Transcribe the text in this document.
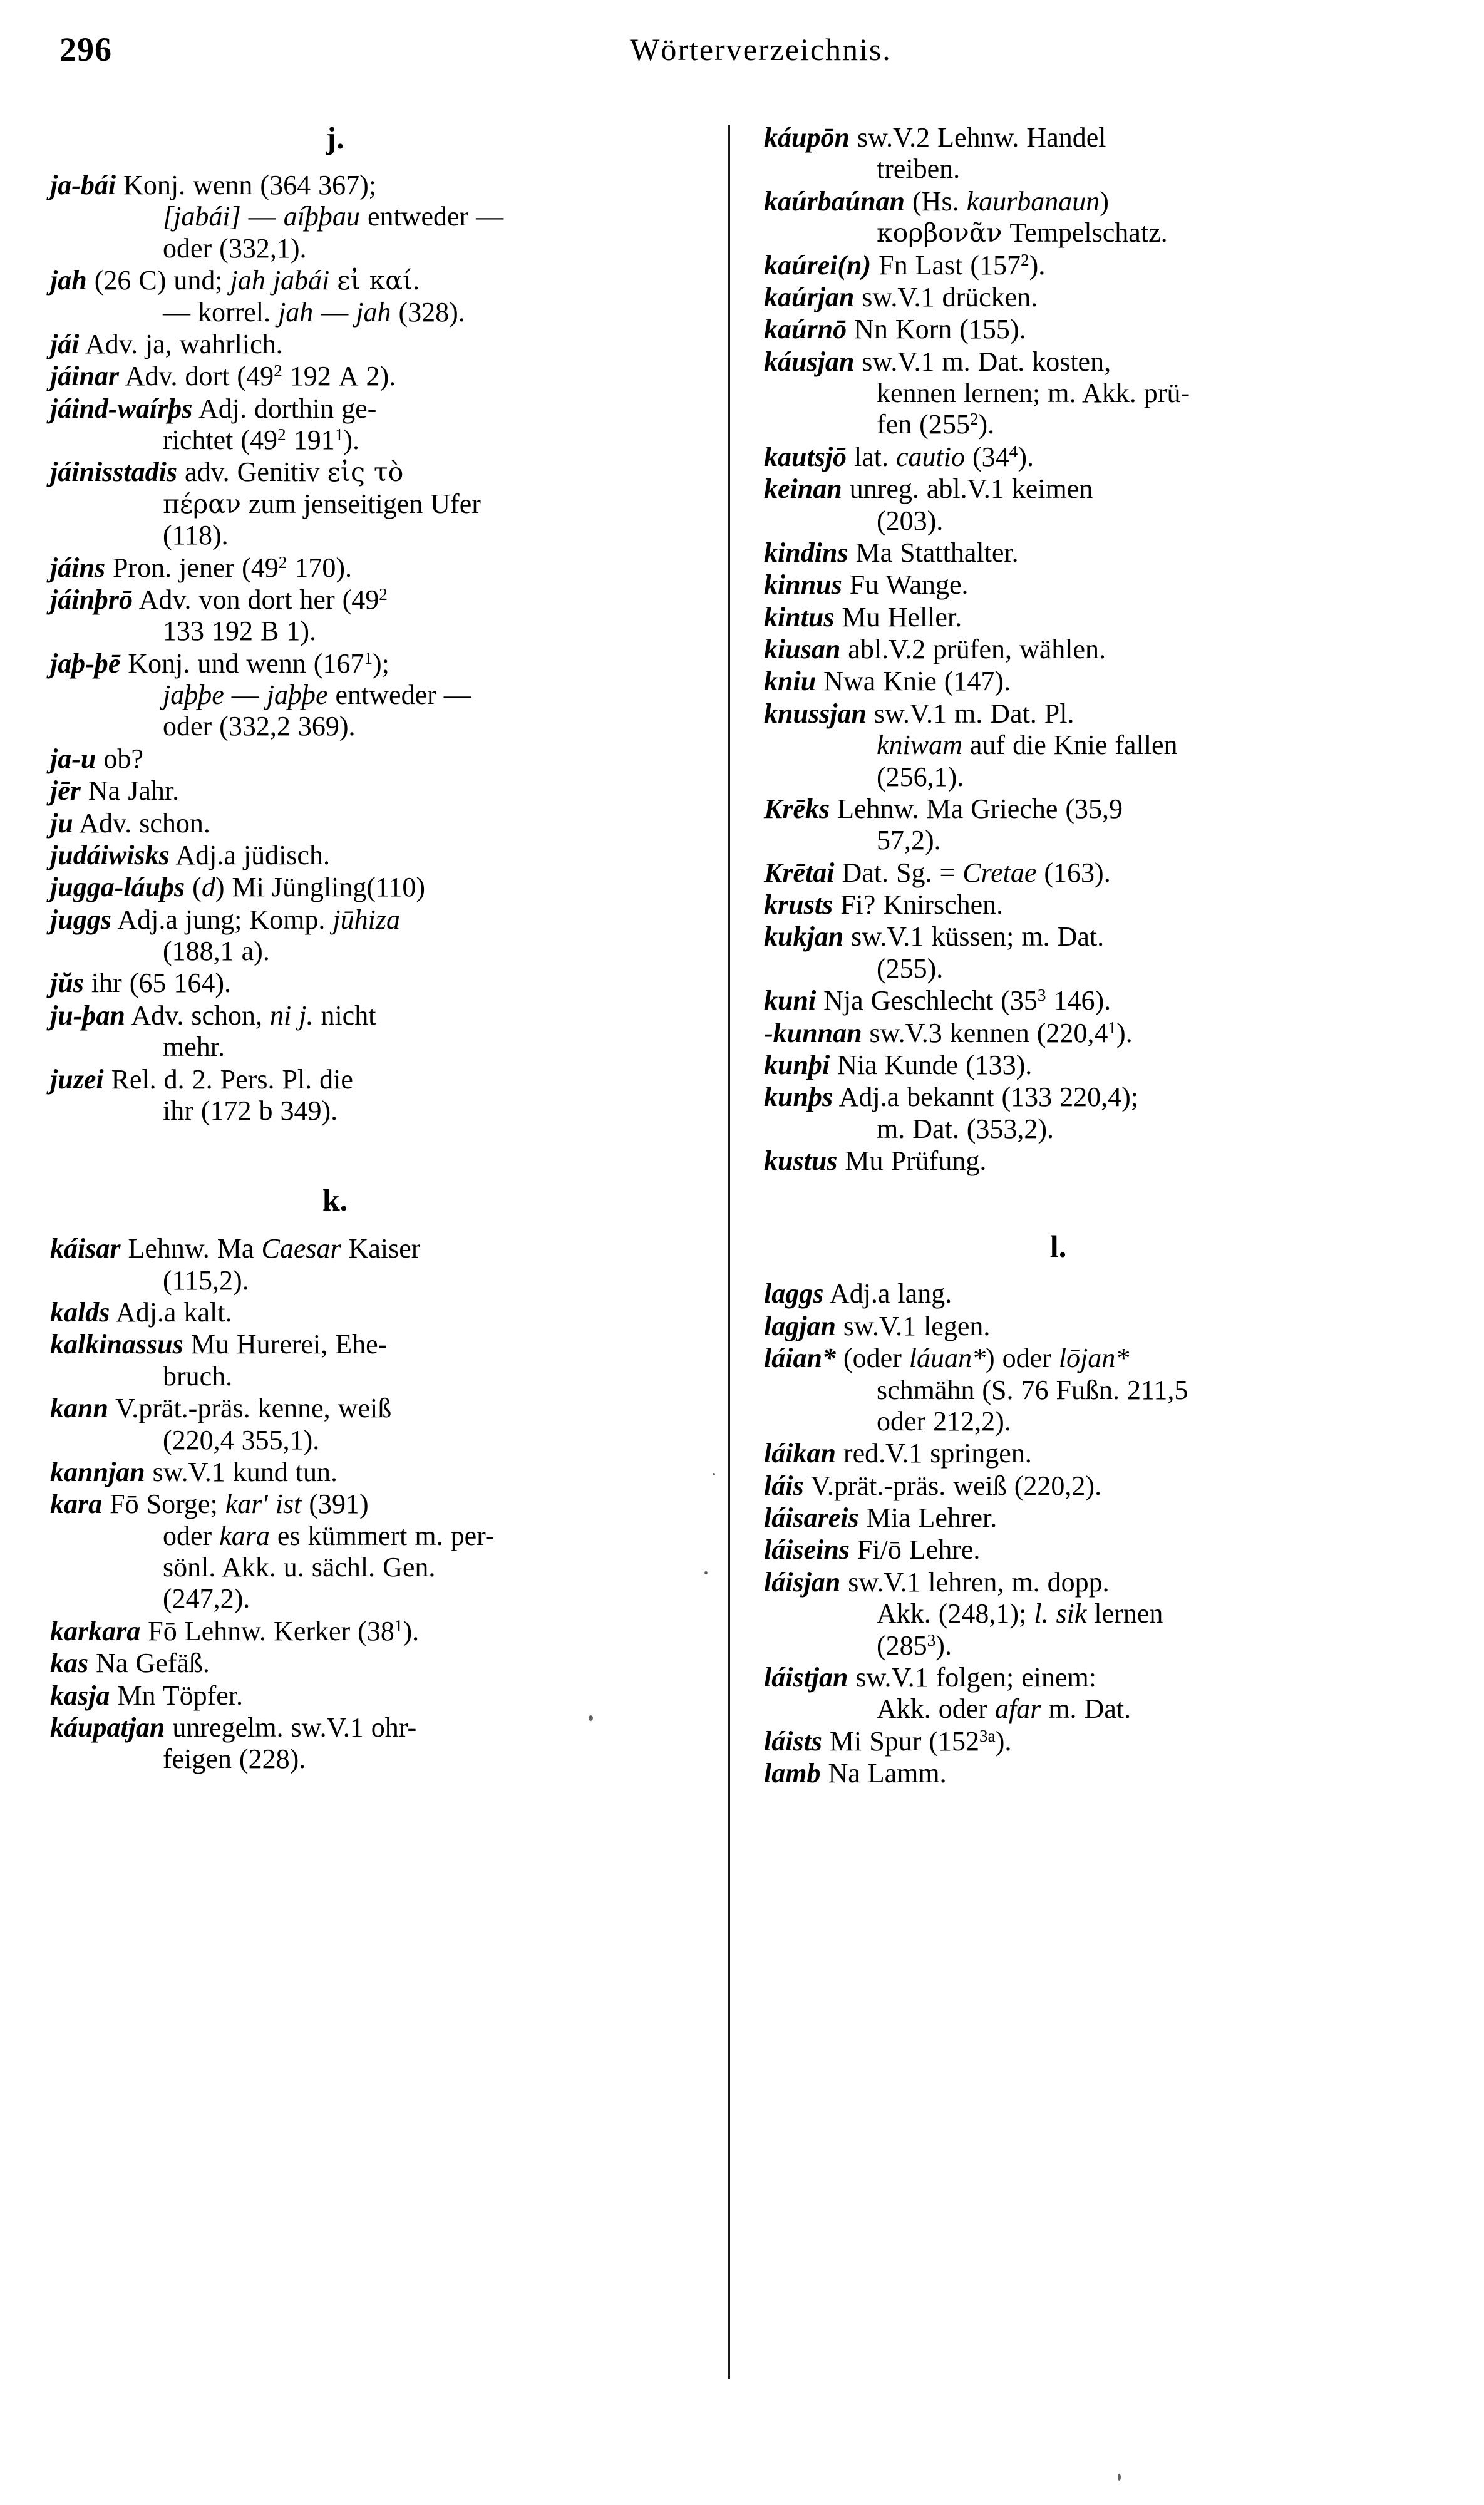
296	Wörterverzeichnis.
j.
ja-bái Konj. wenn (364 367);
[jabái] — aíþþau entweder —
oder (332,1).
jah (26 C) und; jah jabái εἰ καί.
— korrel. jah — jah (328).
jái Adv. ja, wahrlich.
jáinar Adv. dort ($49^2$ 192 A 2).
jáind-waírþs Adj. dorthin ge-
richtet ($49^2$ $191^1$).
jáinisstadis adv. Genitiv εἰς τὸ
πέραν zum jenseitigen Ufer
(118).
jáins Pron. jener ($49^2$ 170).
jáinþrō Adv. von dort her ($49^2$
133 192 B 1).
jaþ-þē Konj. und wenn $(167^1)$;
jaþþe — jaþþe entweder —
oder (332,2 369).
ja-u ob?
jēr Na Jahr.
ju Adv. schon.
judáiwisks Adj.a jüdisch.
jugga-láuþs (d) Mi Jüngling(110)
juggs Adj.a jung; Komp. jūhiza
(188,1 a).
jŭs ihr (65 164).
ju-þan Adv. schon, ni j. nicht
mehr.
juzei Rel. d. 2. Pers. Pl. die
ihr (172 b 349).
k.
káisar Lehnw. Ma Caesar Kaiser
(115,2).
kalds Adj.a kalt.
kalkinassus Mu Hurerei, Ehe-
bruch.
kann V.prät.-präs. kenne, weiß
(220,4 355,1).
kannjan sw.V.1 kund tun.
kara Fō Sorge; kar' ist (391)
oder kara es kümmert m. per-
sönl. Akk. u. sächl. Gen.
(247,2).
karkara Fō Lehnw. Kerker $(38^1)$.
kas Na Gefäß.
kasja Mn Töpfer.
káupatjan unregelm. sw.V.1 ohr-
feigen (228).
káupōn sw.V.2 Lehnw. Handel
treiben.
kaúrbaúnan (Hs. kaurbanaun)
κορβονᾶν Tempelschatz.
kaúrei(n) Fn Last $(157^2)$.
kaúrjan sw.V.1 drücken.
kaúrnō Nn Korn (155).
káusjan sw.V.1 m. Dat. kosten,
kennen lernen; m. Akk. prü-
fen $(255^2)$.
kautsjō lat. cautio $(34^4)$.
keinan unreg. abl.V.1 keimen
(203).
kindins Ma Statthalter.
kinnus Fu Wange.
kintus Mu Heller.
kiusan abl.V.2 prüfen, wählen.
kniu Nwa Knie (147).
knussjan sw.V.1 m. Dat. Pl.
kniwam auf die Knie fallen
(256,1).
Krēks Lehnw. Ma Grieche (35,9
57,2).
Krētai Dat. Sg. = Cretae (163).
krusts Fi? Knirschen.
kukjan sw.V.1 küssen; m. Dat.
(255).
kuni Nja Geschlecht ($35^3$ 146).
-kunnan sw.V.3 kennen (220,4$^1$).
kunþi Nia Kunde (133).
kunþs Adj.a bekannt (133 220,4);
m. Dat. (353,2).
kustus Mu Prüfung.
l.
laggs Adj.a lang.
lagjan sw.V.1 legen.
láian* (oder láuan*) oder lōjan*
schmähn (S. 76 Fußn. 211,5
oder 212,2).
láikan red.V.1 springen.
láis V.prät.-präs. weiß (220,2).
láisareis Mia Lehrer.
láiseins Fi/ō Lehre.
láisjan sw.V.1 lehren, m. dopp.
Akk. (248,1); l. sik lernen
$(285^3)$.
láistjan sw.V.1 folgen; einem:
Akk. oder afar m. Dat.
láists Mi Spur $(152^{3a})$.
lamb Na Lamm.
